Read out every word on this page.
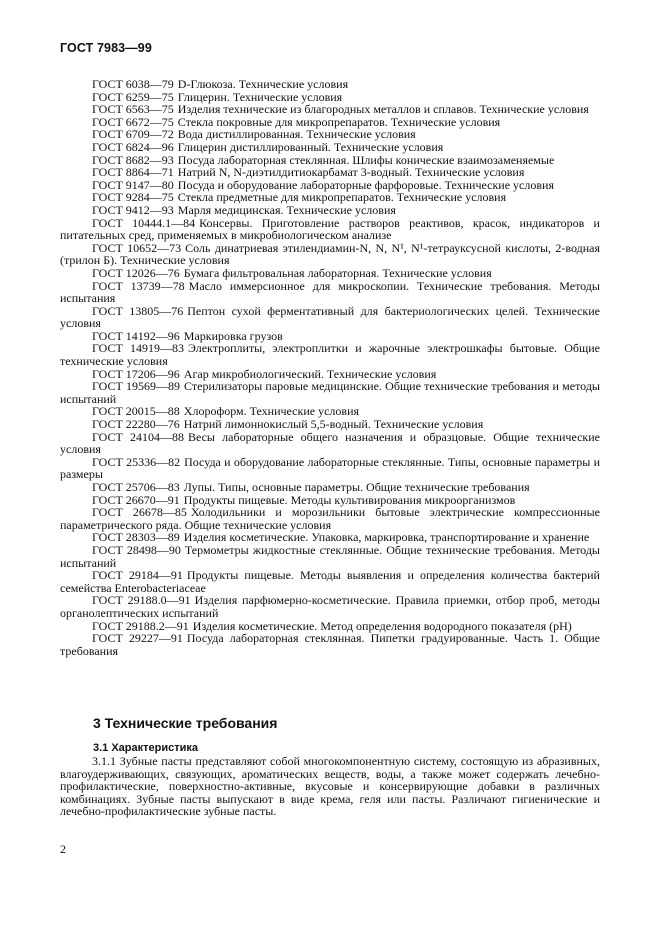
ГОСТ 7983—99

ГОСТ 6038—79 D-Глюкоза. Технические условия

ГОСТ 6259—75 Глицерин. Технические условия

ГОСТ 6563—75 Изделия технические из благородных металлов и сплавов. Технические условия

ГОСТ 6672—75 Стекла покровные для микропрепаратов. Технические условия

ГОСТ 6709—72 Вода дистиллированная. Технические условия

ГОСТ 6824—96 Глицерин дистиллированный. Технические условия

ГОСТ 8682—93 Посуда лабораторная стеклянная. Шлифы конические взаимозаменяемые

ГОСТ 8864—71 Натрий N, N-диэтилдитиокарбамат 3-водный. Технические условия

ГОСТ 9147—80 Посуда и оборудование лабораторные фарфоровые. Технические условия

ГОСТ 9284—75 Стекла предметные для микропрепаратов. Технические условия

ГОСТ 9412—93 Марля медицинская. Технические условия

ГОСТ 10444.1—84 Консервы. Приготовление растворов реактивов, красок, индикаторов и питательных сред, применяемых в микробиологическом анализе

ГОСТ 10652—73 Соль динатриевая этилендиамин-N, N, N¹, N¹-тетрауксусной кислоты, 2-водная (трилон Б). Технические условия

ГОСТ 12026—76 Бумага фильтровальная лабораторная. Технические условия

ГОСТ 13739—78 Масло иммерсионное для микроскопии. Технические требования. Методы испытания

ГОСТ 13805—76 Пептон сухой ферментативный для бактериологических целей. Технические условия

ГОСТ 14192—96 Маркировка грузов

ГОСТ 14919—83 Электроплиты, электроплитки и жарочные электрошкафы бытовые. Общие технические условия

ГОСТ 17206—96 Агар микробиологический. Технические условия

ГОСТ 19569—89 Стерилизаторы паровые медицинские. Общие технические требования и методы испытаний

ГОСТ 20015—88 Хлороформ. Технические условия

ГОСТ 22280—76 Натрий лимоннокислый 5,5-водный. Технические условия

ГОСТ 24104—88 Весы лабораторные общего назначения и образцовые. Общие технические условия

ГОСТ 25336—82 Посуда и оборудование лабораторные стеклянные. Типы, основные параметры и размеры

ГОСТ 25706—83 Лупы. Типы, основные параметры. Общие технические требования

ГОСТ 26670—91 Продукты пищевые. Методы культивирования микроорганизмов

ГОСТ 26678—85 Холодильники и морозильники бытовые электрические компрессионные параметрического ряда. Общие технические условия

ГОСТ 28303—89 Изделия косметические. Упаковка, маркировка, транспортирование и хранение

ГОСТ 28498—90 Термометры жидкостные стеклянные. Общие технические требования. Методы испытаний

ГОСТ 29184—91 Продукты пищевые. Методы выявления и определения количества бактерий семейства Enterobacteriaceae

ГОСТ 29188.0—91 Изделия парфюмерно-косметические. Правила приемки, отбор проб, методы органолептических испытаний

ГОСТ 29188.2—91 Изделия косметические. Метод определения водородного показателя (pH)

ГОСТ 29227—91 Посуда лабораторная стеклянная. Пипетки градуированные. Часть 1. Общие требования

3 Технические требования
3.1 Характеристика

3.1.1 Зубные пасты представляют собой многокомпонентную систему, состоящую из абразивных, влагоудерживающих, связующих, ароматических веществ, воды, а также может содержать лечебно-профилактические, поверхностно-активные, вкусовые и консервирующие добавки в различных комбинациях. Зубные пасты выпускают в виде крема, геля или пасты. Различают гигиенические и лечебно-профилактические зубные пасты.

2
